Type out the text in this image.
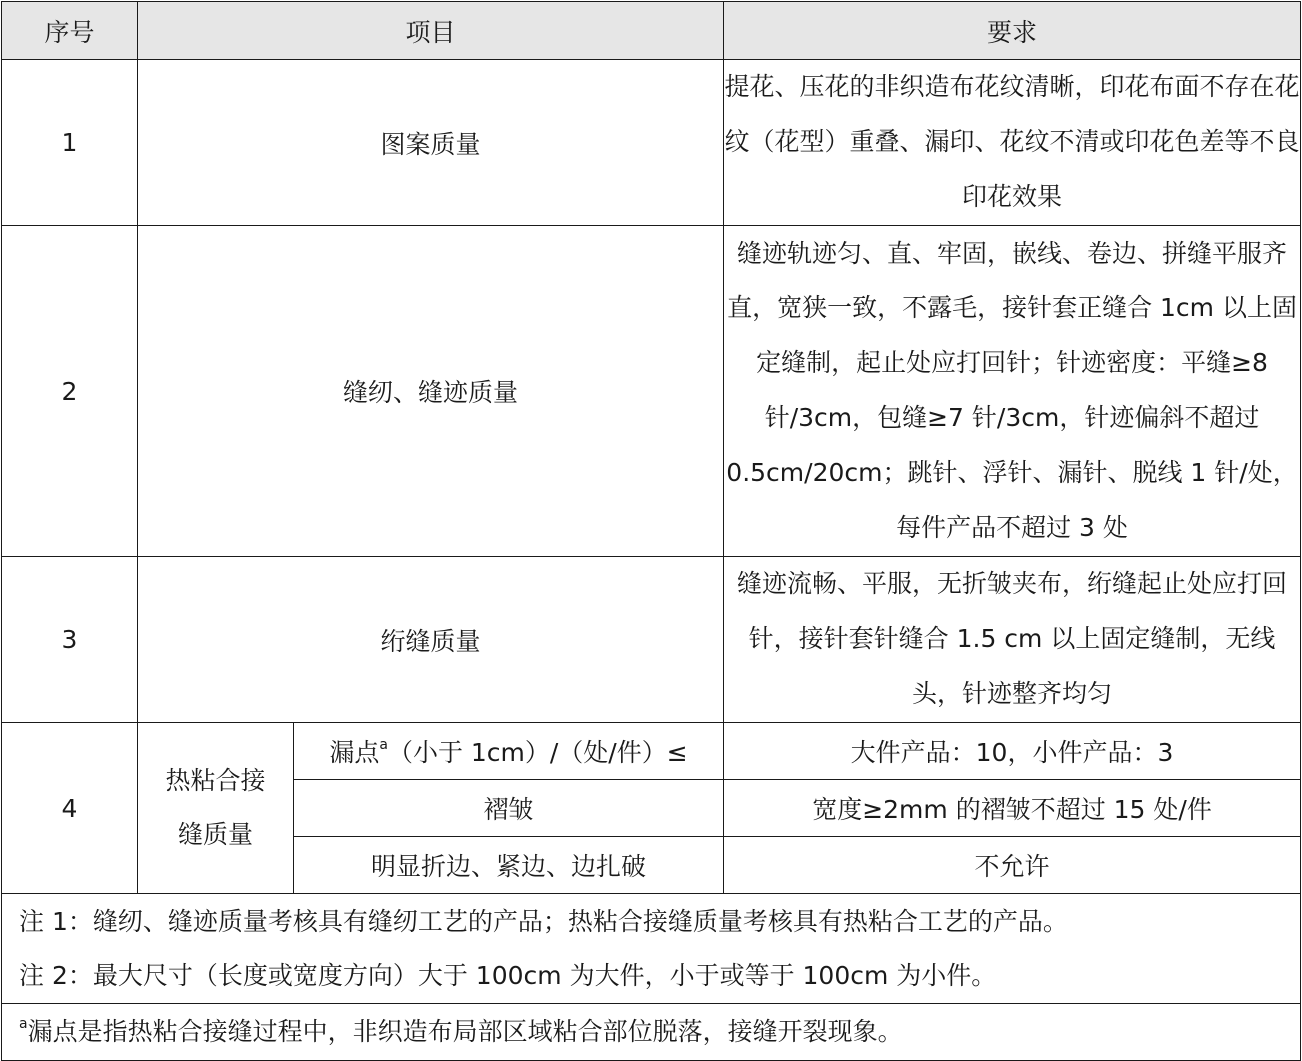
序号	项目		要求
1	图案质量		提花、压花的非织造布花纹清晰，印花布面不存在花纹（花型）重叠、漏印、花纹不清或印花色差等不良印花效果
2	缝纫、缝迹质量		缝迹轨迹匀、直、牢固，嵌线、卷边、拼缝平服齐直，宽狭一致，不露毛，接针套正缝合 1cm 以上固定缝制，起止处应打回针；针迹密度：平缝≥8 针/3cm，包缝≥7 针/3cm，针迹偏斜不超过 0.5cm/20cm；跳针、浮针、漏针、脱线 1 针/处，每件产品不超过 3 处
3	绗缝质量		缝迹流畅、平服，无折皱夹布，绗缝起止处应打回针，接针套针缝合 1.5 cm 以上固定缝制，无线头，针迹整齐均匀
4	热粘合接缝质量	漏点$^a$（小于 1cm）/（处/件）≤	大件产品：10，小件产品：3
		褶皱	宽度≥2mm 的褶皱不超过 15 处/件
		明显折边、紧边、边扎破	不允许

注 1：缝纫、缝迹质量考核具有缝纫工艺的产品；热粘合接缝质量考核具有热粘合工艺的产品。
注 2：最大尺寸（长度或宽度方向）大于 100cm 为大件，小于或等于 100cm 为小件。			

$^a$漏点是指热粘合接缝过程中，非织造布局部区域粘合部位脱落，接缝开裂现象。			
